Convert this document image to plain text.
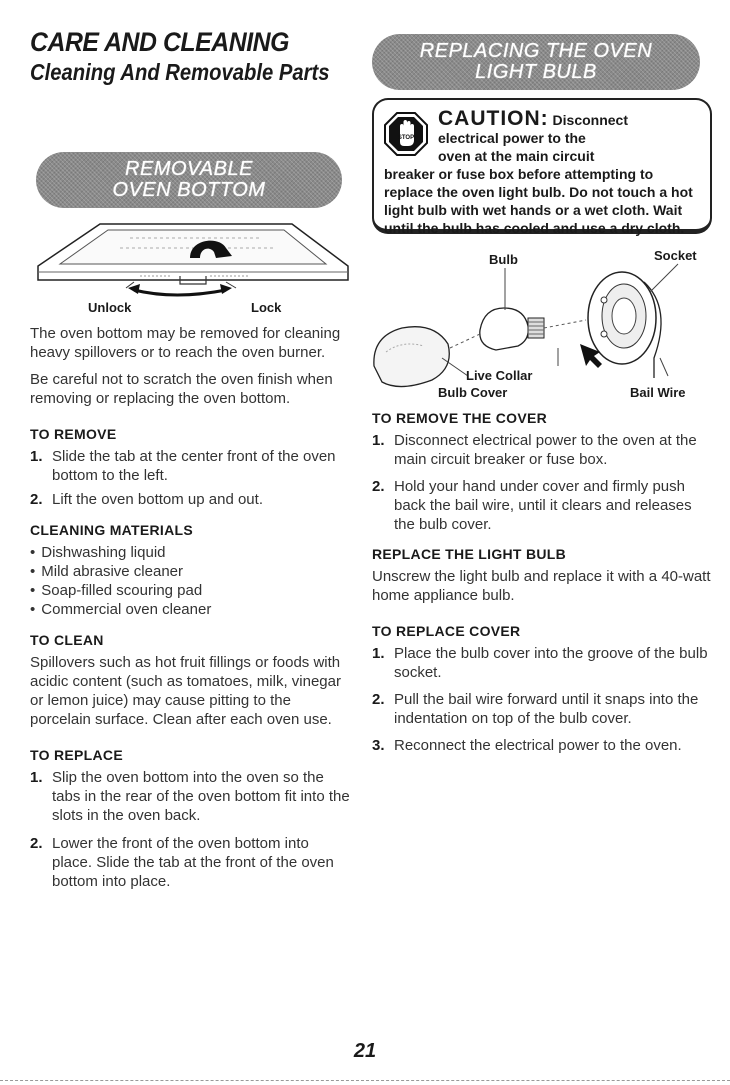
CARE AND CLEANING
Cleaning And Removable Parts
REMOVABLE
OVEN BOTTOM
Unlock	Lock

The oven bottom may be removed for cleaning heavy spillovers or to reach the oven burner.

Be careful not to scratch the oven finish when removing or replacing the oven bottom.

TO REMOVE
1. Slide the tab at the center front of the oven bottom to the left.
2. Lift the oven bottom up and out.
CLEANING MATERIALS
• Dishwashing liquid
• Mild abrasive cleaner
• Soap-filled scouring pad
• Commercial oven cleaner
TO CLEAN

Spillovers such as hot fruit fillings or foods with acidic content (such as tomatoes, milk, vinegar or lemon juice) may cause pitting to the porcelain surface. Clean after each oven use.

TO REPLACE
1. Slip the oven bottom into the oven so the tabs in the rear of the oven bottom fit into the slots in the oven back.
2. Lower the front of the oven bottom into place. Slide the tab at the front of the oven bottom into place.
REPLACING THE OVEN
LIGHT BULB
STOP
CAUTION: Disconnect
electrical power to the
oven at the main circuit
breaker or fuse box before attempting to replace the oven light bulb. Do not touch a hot light bulb with wet hands or a wet cloth. Wait until the bulb has cooled and use a dry cloth.
Bulb	Socket
Live Collar
Bulb Cover	Bail Wire
TO REMOVE THE COVER
1. Disconnect electrical power to the oven at the main circuit breaker or fuse box.
2. Hold your hand under cover and firmly push back the bail wire, until it clears and releases the bulb cover.
REPLACE THE LIGHT BULB

Unscrew the light bulb and replace it with a 40-watt home appliance bulb.

TO REPLACE COVER
1. Place the bulb cover into the groove of the bulb socket.
2. Pull the bail wire forward until it snaps into the indentation on top of the bulb cover.
3. Reconnect the electrical power to the oven.
21
